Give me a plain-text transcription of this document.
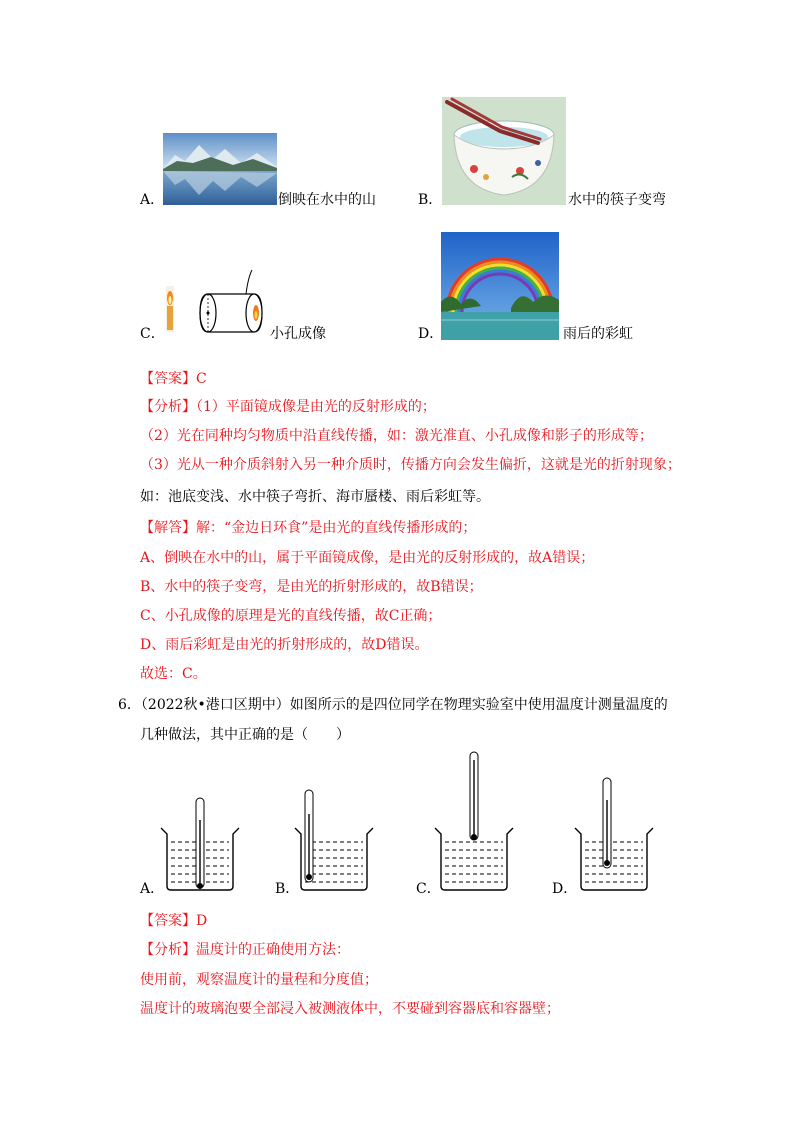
A．	倒映在水中的山	B．	水中的筷子变弯
C．	小孔成像	D．	雨后的彩虹
【答案】C
【分析】（1）平面镜成像是由光的反射形成的；
（2）光在同种均匀物质中沿直线传播，如：激光准直、小孔成像和影子的形成等；
（3）光从一种介质斜射入另一种介质时，传播方向会发生偏折，这就是光的折射现象；
如：池底变浅、水中筷子弯折、海市蜃楼、雨后彩虹等。
【解答】解：“金边日环食”是由光的直线传播形成的；
A、倒映在水中的山，属于平面镜成像，是由光的反射形成的，故A错误；
B、水中的筷子变弯，是由光的折射形成的，故B错误；
C、小孔成像的原理是光的直线传播，故C正确；
D、雨后彩虹是由光的折射形成的，故D错误。
故选：C。
6．（2022秋•港口区期中）如图所示的是四位同学在物理实验室中使用温度计测量温度的
几种做法，其中正确的是（　　）
A．	B．	C．	D．
【答案】D
【分析】温度计的正确使用方法：
使用前，观察温度计的量程和分度值；
温度计的玻璃泡要全部浸入被测液体中，不要碰到容器底和容器壁；
